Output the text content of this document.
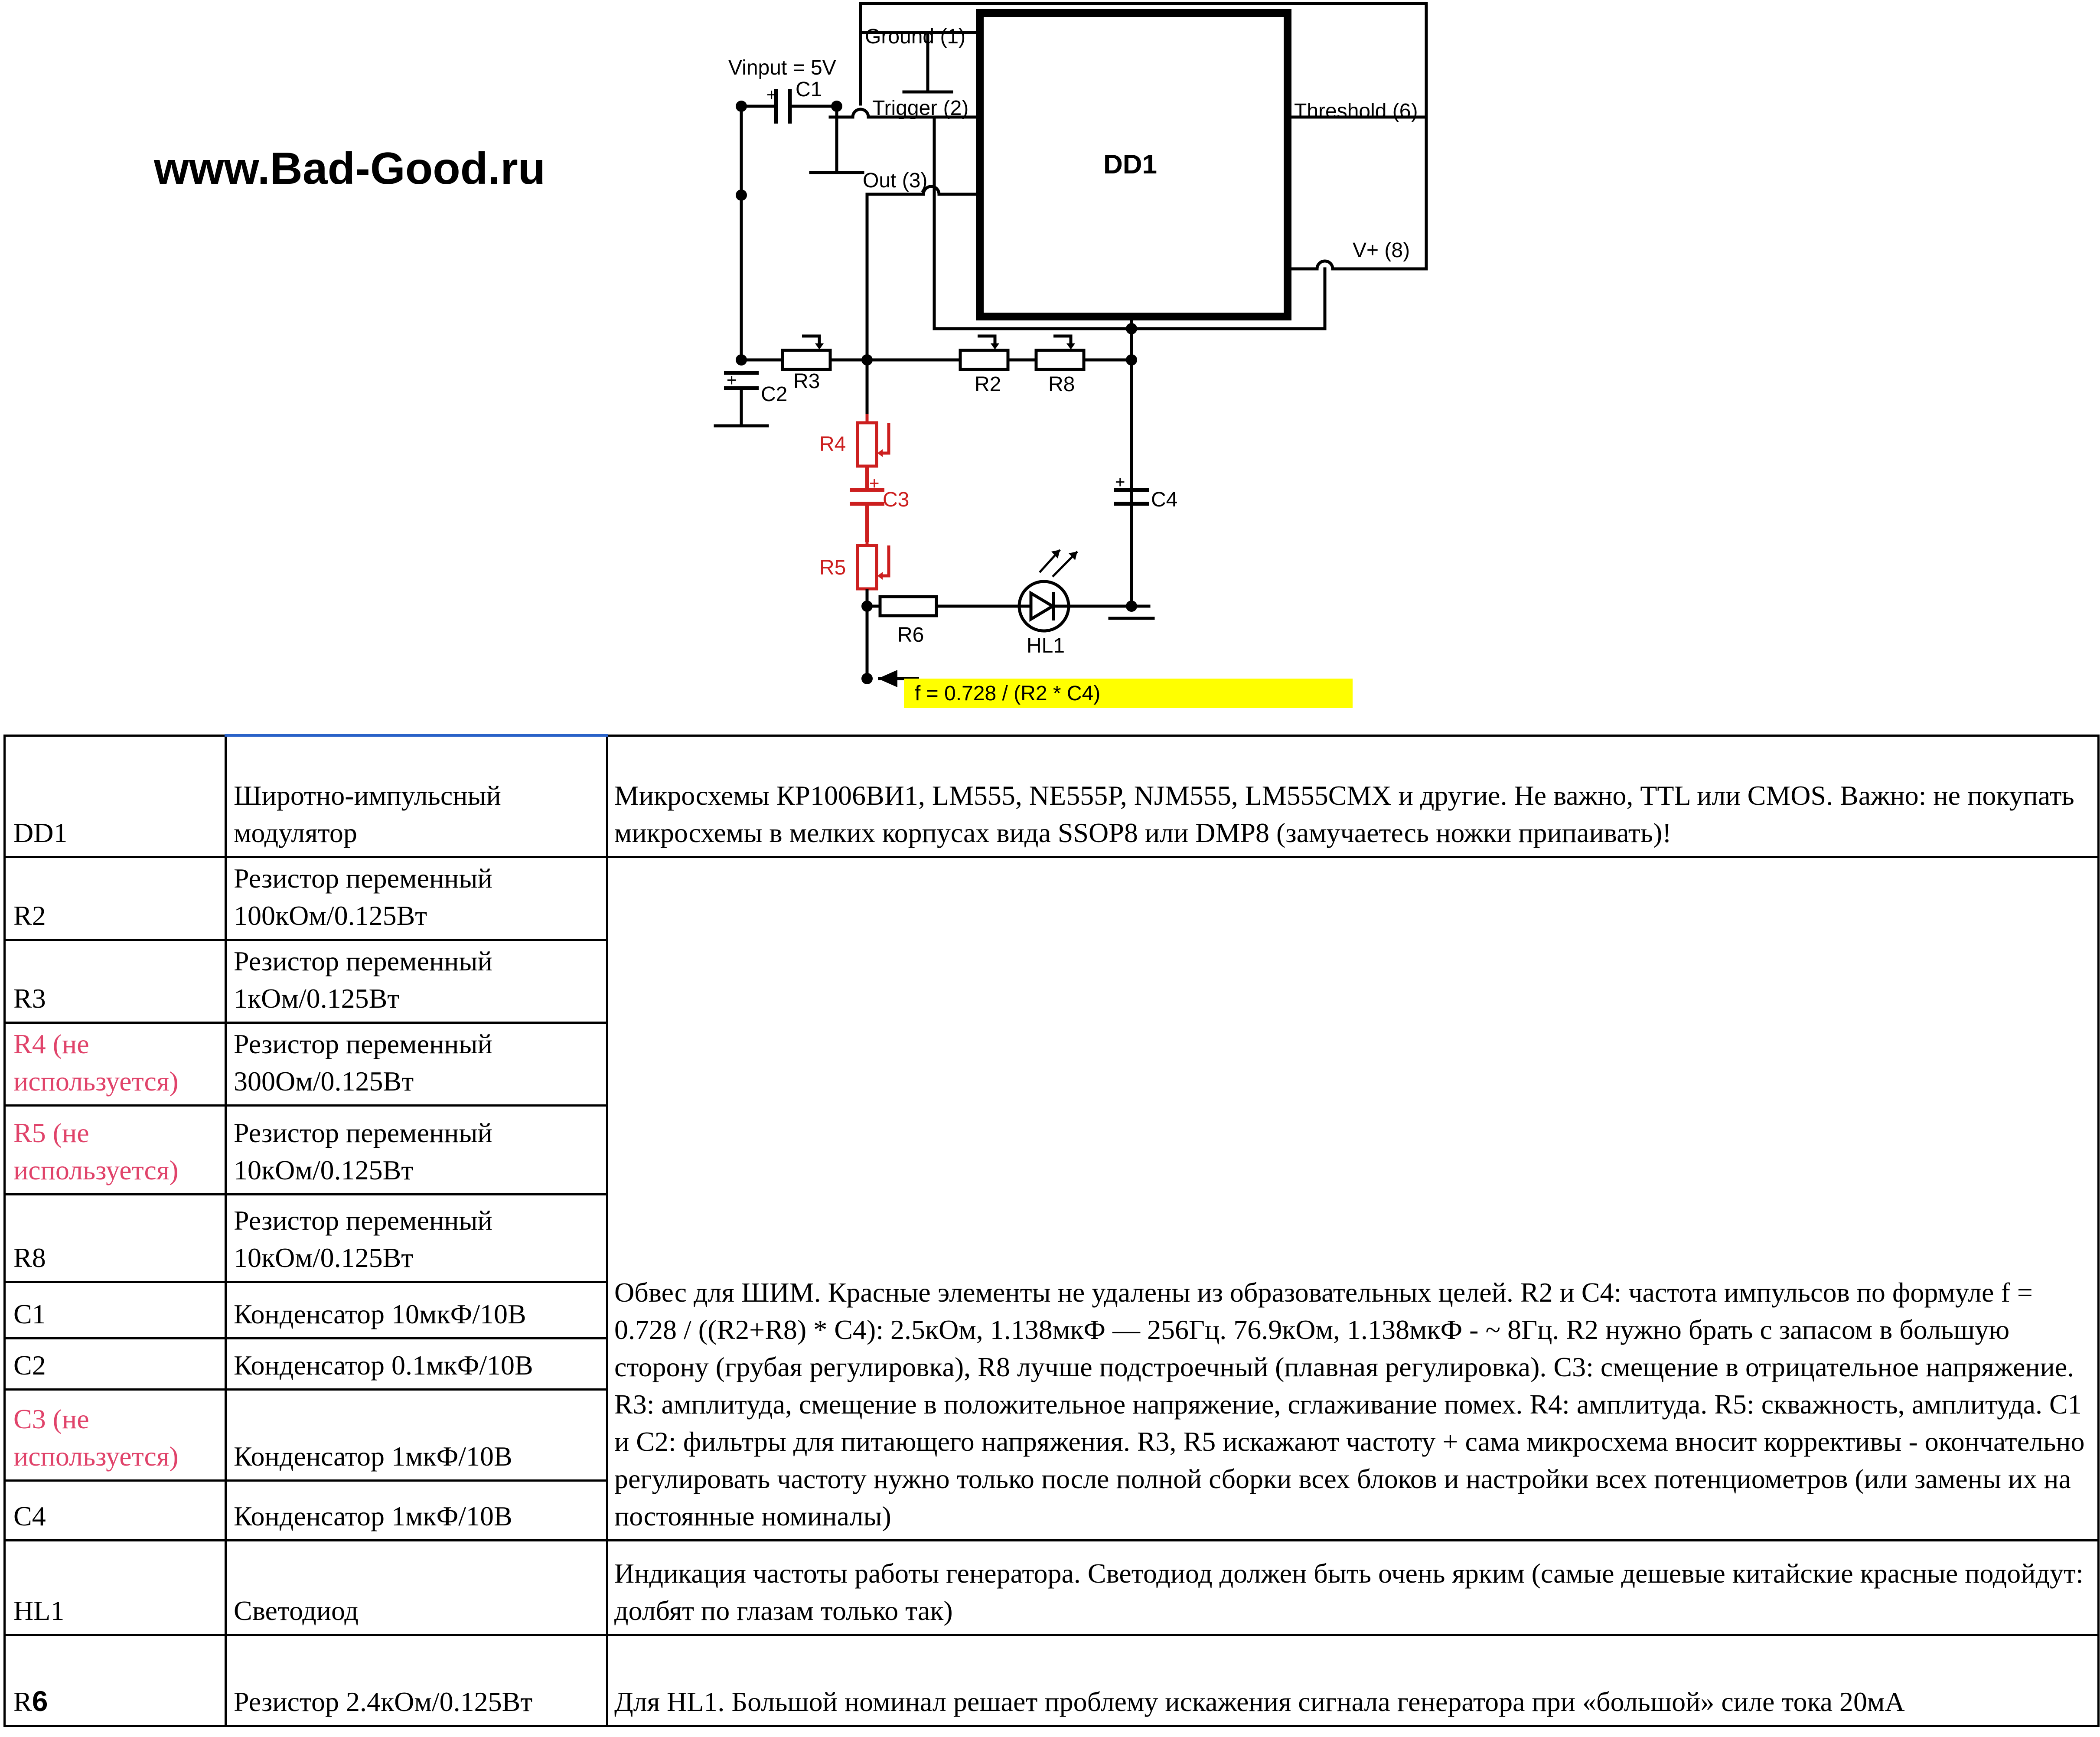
www.Bad-Good.ru	DD1
Ground (1)
Trigger (2)
Out (3)
Threshold (6)
V+ (8)
Vinput = 5V
+ C1
+
C2
R3	R2 R8
R4
+
C3
R5
+
C4
R6	HL1
f = 0.728 / (R2 * C4)
DD1	Широтно-импульсный модулятор	Микросхемы КР1006ВИ1, LM555, NE555P, NJM555, LM555CMX и другие. Не важно, TTL или CMOS. Важно: не покупать микросхемы в мелких корпусах вида SSOP8 или DMP8 (замучаетесь ножки припаивать)!
R2	Резистор переменный 100кОм/0.125Вт	Обвес для ШИМ. Красные элементы не удалены из образовательных целей. R2 и C4: частота импульсов по формуле f = 0.728 / ((R2+R8) * C4): 2.5кОм, 1.138мкФ — 256Гц. 76.9кОм, 1.138мкФ - ~ 8Гц. R2 нужно брать с запасом в большую сторону (грубая регулировка), R8 лучше подстроечный (плавная регулировка). C3: смещение в отрицательное напряжение. R3: амплитуда, смещение в положительное напряжение, сглаживание помех. R4: амплитуда. R5: скважность, амплитуда. C1 и C2: фильтры для питающего напряжения. R3, R5 искажают частоту + сама микросхема вносит коррективы - окончательно регулировать частоту нужно только после полной сборки всех блоков и настройки всех потенциометров (или замены их на постоянные номиналы)
R3	Резистор переменный 1кОм/0.125Вт	
R4 (не используется)	Резистор переменный 300Ом/0.125Вт	
R5 (не используется)	Резистор переменный 10кОм/0.125Вт	
R8	Резистор переменный 10кОм/0.125Вт	
C1	Конденсатор 10мкФ/10В	
C2	Конденсатор 0.1мкФ/10В	
C3 (не используется)	Конденсатор 1мкФ/10В	
C4	Конденсатор 1мкФ/10В	
HL1	Светодиод	Индикация частоты работы генератора. Светодиод должен быть очень ярким (самые дешевые китайские красные подойдут: долбят по глазам только так)
R6	Резистор 2.4кОм/0.125Вт	Для HL1. Большой номинал решает проблему искажения сигнала генератора при «большой» силе тока 20мА
